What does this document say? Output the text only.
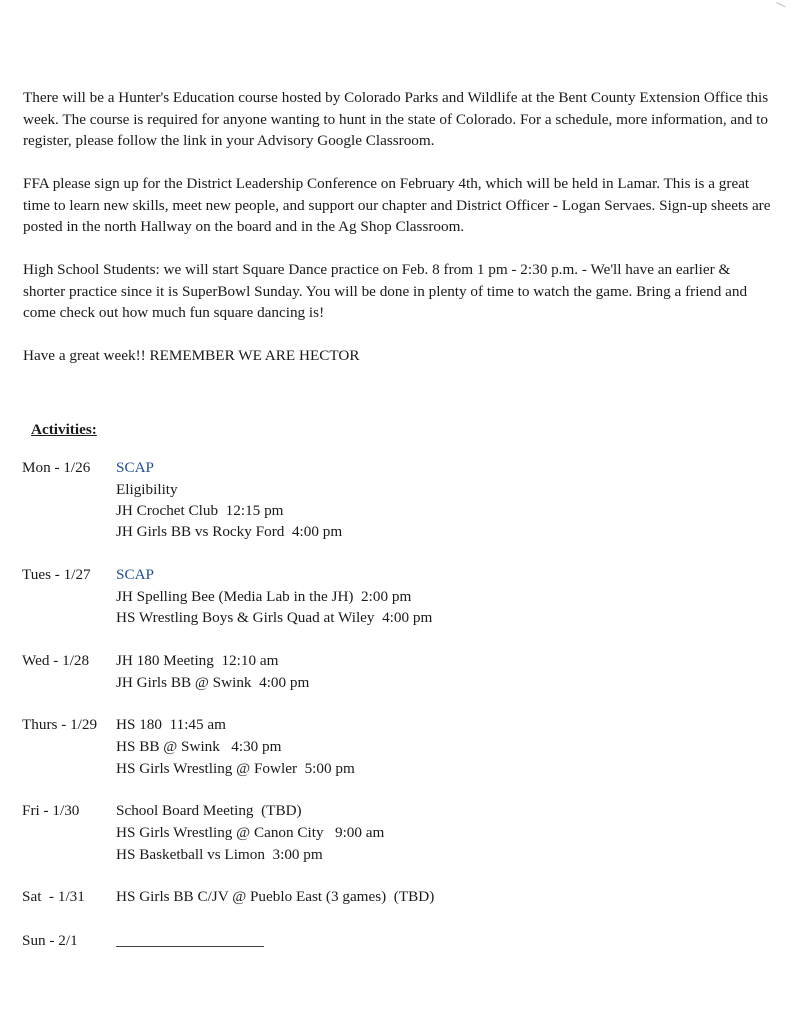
There will be a Hunter's Education course hosted by Colorado Parks and Wildlife at the Bent County Extension Office this week. The course is required for anyone wanting to hunt in the state of Colorado. For a schedule, more information, and to register, please follow the link in your Advisory Google Classroom.

FFA please sign up for the District Leadership Conference on February 4th, which will be held in Lamar. This is a great time to learn new skills, meet new people, and support our chapter and District Officer - Logan Servaes. Sign-up sheets are posted in the north Hallway on the board and in the Ag Shop Classroom.

High School Students: we will start Square Dance practice on Feb. 8 from 1 pm - 2:30 p.m. - We'll have an earlier & shorter practice since it is SuperBowl Sunday. You will be done in plenty of time to watch the game. Bring a friend and come check out how much fun square dancing is!

Have a great week!! REMEMBER WE ARE HECTOR

Activities:
Mon - 1/26 SCAP
Eligibility
JH Crochet Club  12:15 pm
JH Girls BB vs Rocky Ford  4:00 pm
Tues - 1/27 SCAP
JH Spelling Bee (Media Lab in the JH)  2:00 pm
HS Wrestling Boys & Girls Quad at Wiley  4:00 pm
Wed - 1/28 JH 180 Meeting  12:10 am
JH Girls BB @ Swink  4:00 pm
Thurs - 1/29 HS 180  11:45 am
HS BB @ Swink   4:30 pm
HS Girls Wrestling @ Fowler  5:00 pm
Fri - 1/30 School Board Meeting  (TBD)
HS Girls Wrestling @ Canon City   9:00 am
HS Basketball vs Limon  3:00 pm
Sat  - 1/31 HS Girls BB C/JV @ Pueblo East (3 games)  (TBD)
Sun - 2/1
